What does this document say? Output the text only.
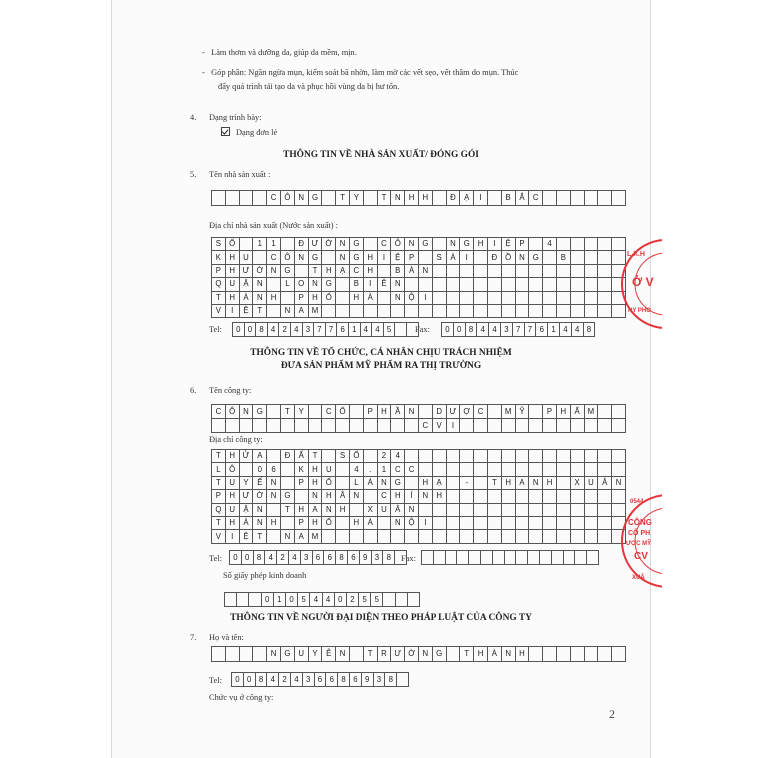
-   Làm thơm và dưỡng da, giúp da mềm, mịn.
-   Góp phần: Ngăn ngừa mụn, kiểm soát bã nhờn, làm mờ các vết sẹo, vết thâm do mụn. Thúc
đẩy quá trình tái tạo da và phục hồi vùng da bị hư tổn.
4. Dạng trình bày:
Dạng đơn lẻ
THÔNG TIN VỀ NHÀ SẢN XUẤT/ ĐÓNG GÓI
5. Tên nhà sản xuất :
				C	Ô	N	G		T	Y		T	N	H	H		Đ	Ạ	I		B	Ắ	C						
Địa chỉ nhà sản xuất (Nước sản xuất) :
S	Ố		1	1		Đ	Ư	Ờ	N	G		C	Ô	N	G		N	G	H	I	Ệ	P		4					
K	H	U		C	Ô	N	G		N	G	H	I	Ệ	P		S	À	I		Đ	Ồ	N	G		B				
P	H	Ư	Ờ	N	G		T	H	Ạ	C	H		B	À	N														
Q	U	Ậ	N		L	O	N	G		B	I	Ê	N																
T	H	À	N	H		P	H	Ố		H	À		N	Ộ	I														
V	I	Ệ	T		N	A	M																						
Tel: 0	0	8	4	2	4	3	7	7	6	1	4	4	5			Fax: 0	0	8	4	4	3	7	7	6	1	4	4	8
THÔNG TIN VỀ TỔ CHỨC, CÁ NHÂN CHỊU TRÁCH NHIỆM
ĐƯA SẢN PHẨM MỸ PHẨM RA THỊ TRƯỜNG
6. Tên công ty:
C	Ô	N	G		T	Y		C	Ổ		P	H	Ầ	N		D	Ư	Ợ	C		M	Ỹ		P	H	Ẩ	M		
															C	V	I												
Địa chỉ công ty:
T	H	Ử	A		Đ	Ấ	T		S	Ố		2	4																
L	Ô		0	6		K	H	U		4	.	1	C	C															
T	U	Y	Ế	N		P	H	Ố		L	Á	N	G		H	Ạ		-		T	H	A	N	H		X	U	Â	N
P	H	Ư	Ờ	N	G		N	H	Â	N		C	H	Í	N	H													
Q	U	Ậ	N		T	H	A	N	H		X	U	Â	N															
T	H	À	N	H		P	H	Ố		H	À		N	Ộ	I														
V	I	Ệ	T		N	A	M																						
Tel: 0	0	8	4	2	4	3	6	6	8	6	9	3	8	Fax:

Số giấy phép kinh doanh
			0	1	0	5	4	4	0	2	5	5			
THÔNG TIN VỀ NGƯỜI ĐẠI DIỆN THEO PHÁP LUẬT CỦA CÔNG TY
7. Họ và tên:
				N	G	U	Y	Ễ	N		T	R	Ư	Ờ	N	G		T	H	À	N	H							
Tel: 0	0	8	4	2	4	3	6	6	8	6	9	3	8	
Chức vụ ở công ty:
2
L.X.H
Ở V
NY PHO
0544
CÔNG
CỔ PH
ƯỢC MỸ
CV
XUÂ
